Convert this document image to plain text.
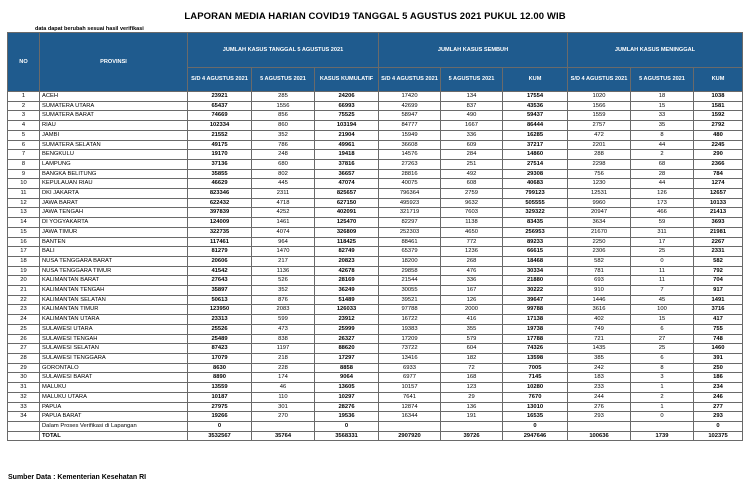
LAPORAN MEDIA HARIAN COVID19 TANGGAL 5 AGUSTUS 2021 PUKUL 12.00 WIB
data dapat berubah sesuai hasil verifikasi
NO	PROVINSI	JUMLAH KASUS TANGGAL 5 AGUSTUS 2021			JUMLAH KASUS SEMBUH			JUMLAH KASUS MENINGGAL		
		S/D 4 AGUSTUS 2021	5 AGUSTUS 2021	KASUS KUMULATIF	S/D 4 AGUSTUS 2021	5 AGUSTUS 2021	KUM	S/D 4 AGUSTUS 2021	5 AGUSTUS 2021	KUM
1	ACEH	23921	285	24206	17420	134	17554	1020	18	1038
2	SUMATERA UTARA	65437	1556	66993	42699	837	43536	1566	15	1581
3	SUMATERA BARAT	74669	856	75525	58947	490	59437	1559	33	1592
4	RIAU	102334	860	103194	84777	1667	86444	2757	35	2792
5	JAMBI	21552	352	21904	15949	336	16285	472	8	480
6	SUMATERA SELATAN	49175	786	49961	36608	609	37217	2201	44	2245
7	BENGKULU	19170	248	19418	14576	284	14860	288	2	290
8	LAMPUNG	37136	680	37816	27263	251	27514	2298	68	2366
9	BANGKA BELITUNG	35855	802	36657	28816	492	29308	756	28	784
10	KEPULAUAN RIAU	46629	445	47074	40075	608	40683	1230	44	1274
11	DKI JAKARTA	823346	2311	825657	796364	2759	799123	12531	126	12657
12	JAWA BARAT	622432	4718	627150	495923	9632	505555	9960	173	10133
13	JAWA TENGAH	397839	4252	402091	321719	7603	329322	20947	466	21413
14	DI YOGYAKARTA	124009	1461	125470	82297	1138	83435	3634	59	3693
15	JAWA TIMUR	322735	4074	326809	252303	4650	256953	21670	311	21981
16	BANTEN	117461	964	118425	88461	772	89233	2250	17	2267
17	BALI	81279	1470	82749	65379	1236	66615	2306	25	2331
18	NUSA TENGGARA BARAT	20606	217	20823	18200	268	18468	582	0	582
19	NUSA TENGGARA TIMUR	41542	1136	42678	29858	476	30334	781	11	792
20	KALIMANTAN BARAT	27643	526	28169	21544	336	21880	693	11	704
21	KALIMANTAN TENGAH	35897	352	36249	30055	167	30222	910	7	917
22	KALIMANTAN SELATAN	50613	876	51489	39521	126	39647	1446	45	1491
23	KALIMANTAN TIMUR	123950	2083	126033	97788	2000	99788	3616	100	3716
24	KALIMANTAN UTARA	23313	599	23912	16722	416	17138	402	15	417
25	SULAWESI UTARA	25526	473	25999	19383	355	19738	749	6	755
26	SULAWESI TENGAH	25489	838	26327	17209	579	17788	721	27	748
27	SULAWESI SELATAN	87423	1197	88620	73722	604	74326	1435	25	1460
28	SULAWESI TENGGARA	17079	218	17297	13416	182	13598	385	6	391
29	GORONTALO	8630	228	8858	6933	72	7005	242	8	250
30	SULAWESI BARAT	8890	174	9064	6977	168	7145	183	3	186
31	MALUKU	13559	46	13605	10157	123	10280	233	1	234
32	MALUKU UTARA	10187	110	10297	7641	29	7670	244	2	246
33	PAPUA	27975	301	28276	12874	136	13010	276	1	277
34	PAPUA BARAT	19266	270	19536	16344	191	16535	293	0	293
	Dalam Proses Verifikasi di Lapangan	0		0			0			0
	TOTAL	3532567	35764	3568331	2907920	39726	2947646	100636	1739	102375
Sumber Data : Kementerian Kesehatan RI
